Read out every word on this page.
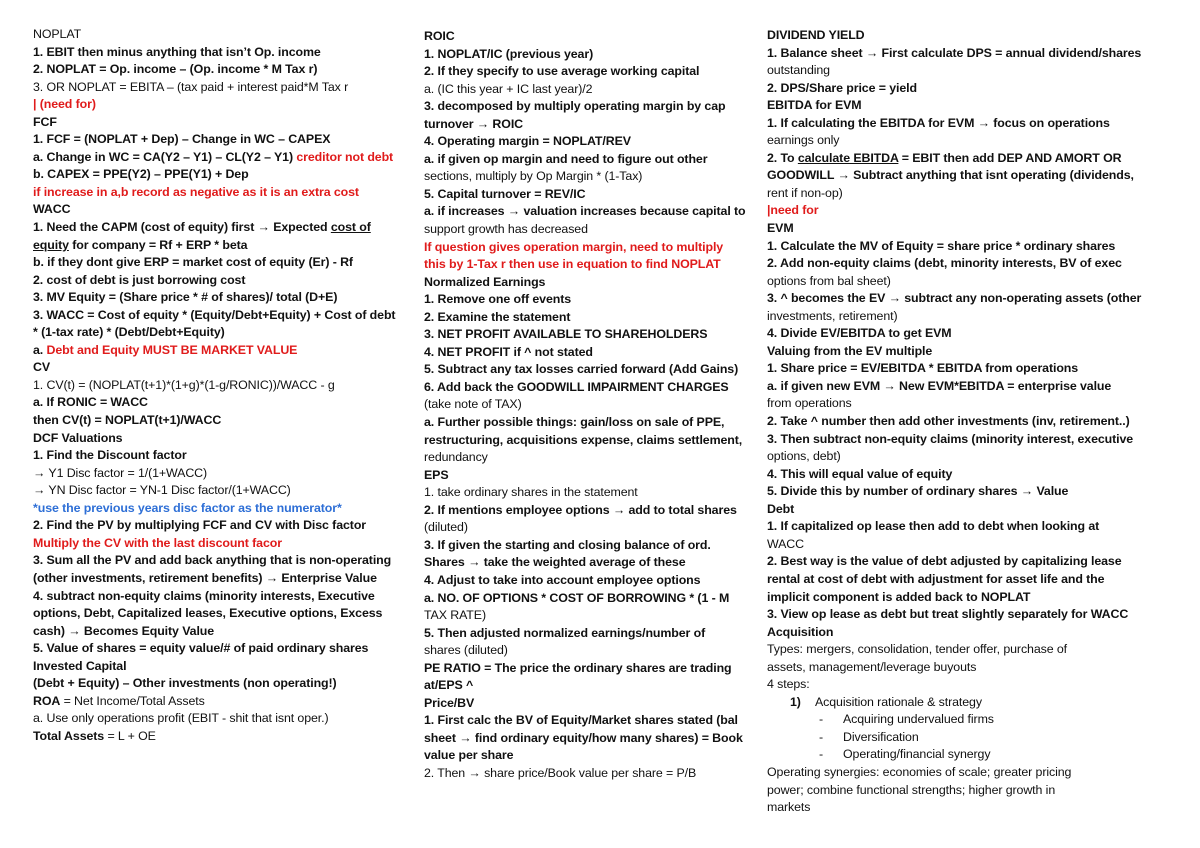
NOPLAT
1. EBIT then minus anything that isn’t Op. income
2. NOPLAT = Op. income – (Op. income * M Tax r)
3. OR NOPLAT = EBITA – (tax paid + interest paid*M Tax r
| (need for)
FCF
1. FCF = (NOPLAT + Dep) – Change in WC – CAPEX
a. Change in WC = CA(Y2 – Y1) – CL(Y2 – Y1) creditor not debt
b. CAPEX = PPE(Y2) – PPE(Y1) + Dep
if increase in a,b record as negative as it is an extra cost
WACC
1. Need the CAPM (cost of equity) first → Expected cost of
equity for company = Rf + ERP * beta
b. if they dont give ERP = market cost of equity (Er) - Rf
2. cost of debt is just borrowing cost
3. MV Equity = (Share price * # of shares)/ total (D+E)
3. WACC = Cost of equity * (Equity/Debt+Equity) + Cost of debt
* (1-tax rate) * (Debt/Debt+Equity)
a. Debt and Equity MUST BE MARKET VALUE
CV
1. CV(t) = (NOPLAT(t+1)*(1+g)*(1-g/RONIC))/WACC - g
a. If RONIC = WACC
then CV(t) = NOPLAT(t+1)/WACC
DCF Valuations
1. Find the Discount factor
→ Y1 Disc factor = 1/(1+WACC)
→ YN Disc factor = YN-1 Disc factor/(1+WACC)
*use the previous years disc factor as the numerator*
2. Find the PV by multiplying FCF and CV with Disc factor
Multiply the CV with the last discount facor
3. Sum all the PV and add back anything that is non-operating
(other investments, retirement benefits) → Enterprise Value
4. subtract non-equity claims (minority interests, Executive
options, Debt, Capitalized leases, Executive options, Excess
cash) → Becomes Equity Value
5. Value of shares = equity value/# of paid ordinary shares
Invested Capital
(Debt + Equity) – Other investments (non operating!)
ROA = Net Income/Total Assets
a. Use only operations profit (EBIT - shit that isnt oper.)
Total Assets = L + OE
ROIC
1. NOPLAT/IC (previous year)
2. If they specify to use average working capital
a. (IC this year + IC last year)/2
3. decomposed by multiply operating margin by cap
turnover → ROIC
4. Operating margin = NOPLAT/REV
a. if given op margin and need to figure out other
sections, multiply by Op Margin * (1-Tax)
5. Capital turnover = REV/IC
a. if increases → valuation increases because capital to
support growth has decreased
If question gives operation margin, need to multiply
this by 1-Tax r then use in equation to find NOPLAT
Normalized Earnings
1. Remove one off events
2. Examine the statement
3. NET PROFIT AVAILABLE TO SHAREHOLDERS
4. NET PROFIT if ^ not stated
5. Subtract any tax losses carried forward (Add Gains)
6. Add back the GOODWILL IMPAIRMENT CHARGES
(take note of TAX)
a. Further possible things: gain/loss on sale of PPE,
restructuring, acquisitions expense, claims settlement,
redundancy
EPS
1. take ordinary shares in the statement
2. If mentions employee options → add to total shares
(diluted)
3. If given the starting and closing balance of ord.
Shares → take the weighted average of these
4. Adjust to take into account employee options
a. NO. OF OPTIONS * COST OF BORROWING * (1 - M
TAX RATE)
5. Then adjusted normalized earnings/number of
shares (diluted)
PE RATIO = The price the ordinary shares are trading
at/EPS ^
Price/BV
1. First calc the BV of Equity/Market shares stated (bal
sheet → find ordinary equity/how many shares) = Book
value per share
2. Then → share price/Book value per share = P/B
DIVIDEND YIELD
1. Balance sheet → First calculate DPS = annual dividend/shares
outstanding
2. DPS/Share price = yield
EBITDA for EVM
1. If calculating the EBITDA for EVM → focus on operations
earnings only
2. To calculate EBITDA = EBIT then add DEP AND AMORT OR
GOODWILL → Subtract anything that isnt operating (dividends,
rent if non-op)
|need for
EVM
1. Calculate the MV of Equity = share price * ordinary shares
2. Add non-equity claims (debt, minority interests, BV of exec
options from bal sheet)
3. ^ becomes the EV → subtract any non-operating assets (other
investments, retirement)
4. Divide EV/EBITDA to get EVM
Valuing from the EV multiple
1. Share price = EV/EBITDA * EBITDA from operations
a. if given new EVM → New EVM*EBITDA = enterprise value
from operations
2. Take ^ number then add other investments (inv, retirement..)
3. Then subtract non-equity claims (minority interest, executive
options, debt)
4. This will equal value of equity
5. Divide this by number of ordinary shares → Value
Debt
1. If capitalized op lease then add to debt when looking at
WACC
2. Best way is the value of debt adjusted by capitalizing lease
rental at cost of debt with adjustment for asset life and the
implicit component is added back to NOPLAT
3. View op lease as debt but treat slightly separately for WACC
Acquisition
Types: mergers, consolidation, tender offer, purchase of
assets, management/leverage buyouts
4 steps:
1) Acquisition rationale & strategy
- Acquiring undervalued firms
- Diversification
- Operating/financial synergy
Operating synergies: economies of scale; greater pricing
power; combine functional strengths; higher growth in
markets
